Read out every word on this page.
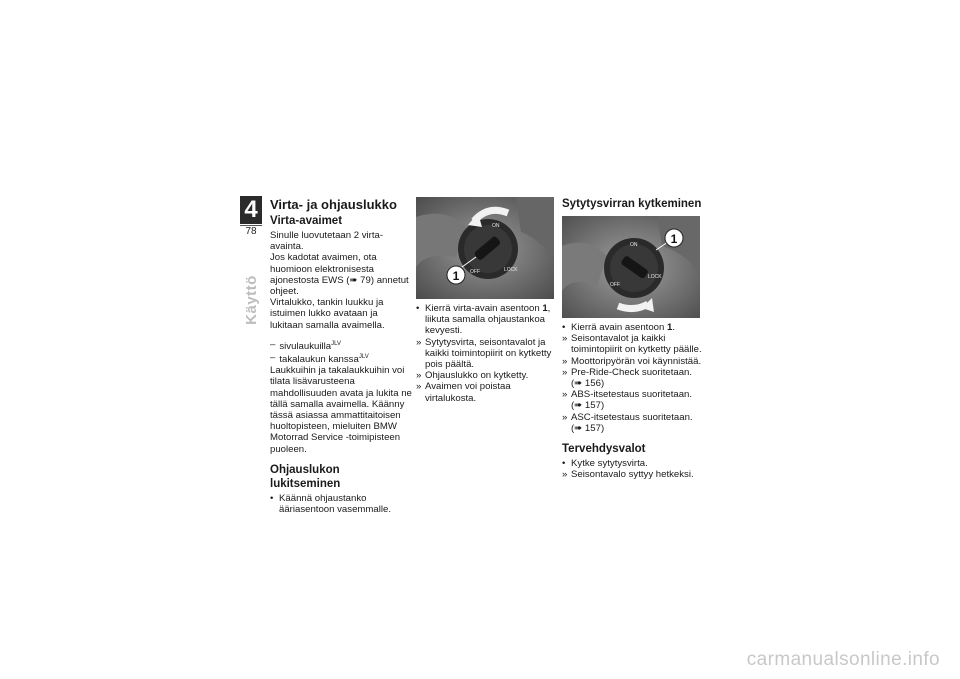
4
78
Käyttö
Virta- ja ohjauslukko
Virta-avaimet

Sinulle luovutetaan 2 virta-avainta.

Jos kadotat avaimen, ota huomioon elektronisesta ajonestosta EWS (➠ 79) annetut ohjeet.

Virtalukko, tankin luukku ja istuimen lukko avataan ja lukitaan samalla avaimella.

– sivulaukuilla$^{JLV}$
– takalaukun kanssa$^{JLV}$

Laukkuihin ja takalaukkuihin voi tilata lisävarusteena mahdollisuuden avata ja lukita ne tällä samalla avaimella. Käänny tässä asiassa ammattitaitoisen huoltopisteen, mieluiten BMW Motorrad Service -toimipisteen puoleen.

Ohjauslukon lukitseminen
• Käännä ohjaustanko ääriasentoon vasemmalle.
ON
OFF	LOCK
1
• Kierrä virta-avain asentoon 1, liikuta samalla ohjaustankoa kevyesti.
» Sytytysvirta, seisontavalot ja kaikki toimintopiirit on kytketty pois päältä.
» Ohjauslukko on kytketty.
» Avaimen voi poistaa virtalukosta.
Sytytysvirran kytkeminen
ON
OFF
LOCK
1
• Kierrä avain asentoon 1.
» Seisontavalot ja kaikki toimintopiirit on kytketty päälle.
» Moottoripyörän voi käynnistää.
» Pre-Ride-Check suoritetaan.
(➠ 156)
» ABS-itsetestaus suoritetaan.
(➠ 157)
» ASC-itsetestaus suoritetaan.
(➠ 157)
Tervehdysvalot
• Kytke sytytysvirta.
» Seisontavalo syttyy hetkeksi.
carmanualsonline.info
